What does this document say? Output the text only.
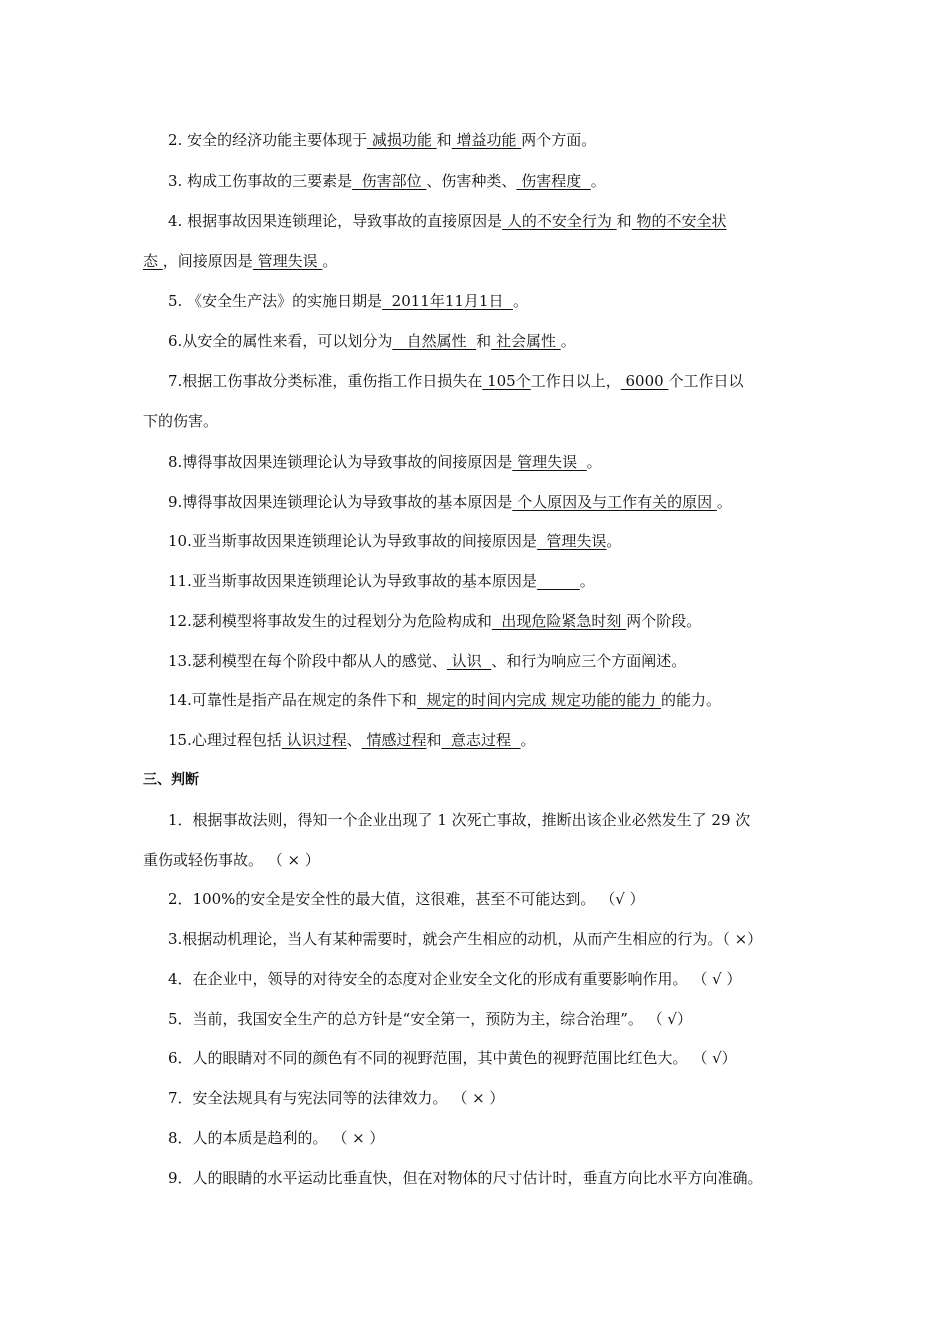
2. 安全的经济功能主要体现于 减损功能 和 增益功能 两个方面。
3. 构成工伤事故的三要素是  伤害部位 、伤害种类、 伤害程度  。
4. 根据事故因果连锁理论，导致事故的直接原因是 人的不安全行为 和 物的不安全状
态 ，间接原因是 管理失误 。
5. 《安全生产法》的实施日期是  2011年11月1日  。
6.从安全的属性来看，可以划分为   自然属性  和 社会属性 。
7.根据工伤事故分类标准，重伤指工作日损失在 105个工作日以上， 6000 个工作日以
下的伤害。
8.博得事故因果连锁理论认为导致事故的间接原因是 管理失误  。
9.博得事故因果连锁理论认为导致事故的基本原因是 个人原因及与工作有关的原因 。
10.亚当斯事故因果连锁理论认为导致事故的间接原因是  管理失误。
11.亚当斯事故因果连锁理论认为导致事故的基本原因是	。
12.瑟利模型将事故发生的过程划分为危险构成和  出现危险紧急时刻 两个阶段。
13.瑟利模型在每个阶段中都从人的感觉、 认识  、和行为响应三个方面阐述。
14.可靠性是指产品在规定的条件下和  规定的时间内完成 规定功能的能力 的能力。
15.心理过程包括 认识过程、 情感过程和  意志过程  。
三、判断
1．根据事故法则，得知一个企业出现了 1 次死亡事故，推断出该企业必然发生了 29 次
重伤或轻伤事故。 （ × ）
2．100%的安全是安全性的最大值，这很难，甚至不可能达到。 （√ ）
3.根据动机理论，当人有某种需要时，就会产生相应的动机，从而产生相应的行为。（ ×）
4．在企业中，领导的对待安全的态度对企业安全文化的形成有重要影响作用。 （ √ ）
5．当前，我国安全生产的总方针是“安全第一，预防为主，综合治理”。 （ √）
6．人的眼睛对不同的颜色有不同的视野范围，其中黄色的视野范围比红色大。 （ √）
7．安全法规具有与宪法同等的法律效力。 （ × ）
8．人的本质是趋利的。 （ × ）
9．人的眼睛的水平运动比垂直快，但在对物体的尺寸估计时，垂直方向比水平方向准确。
